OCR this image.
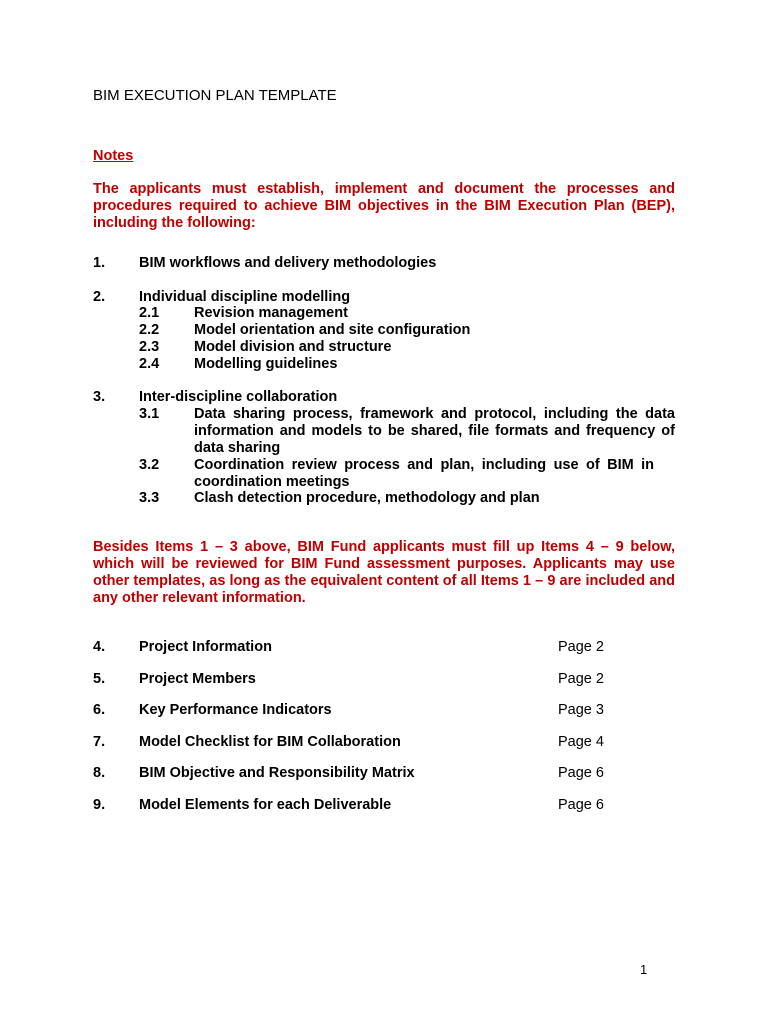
BIM EXECUTION PLAN TEMPLATE
Notes
The applicants must establish, implement and document the processes and procedures required to achieve BIM objectives in the BIM Execution Plan (BEP), including the following:
1. BIM workflows and delivery methodologies
2. Individual discipline modelling
2.1 Revision management
2.2 Model orientation and site configuration
2.3 Model division and structure
2.4 Modelling guidelines
3. Inter-discipline collaboration
3.1 Data sharing process, framework and protocol, including the data information and models to be shared, file formats and frequency of data sharing
3.2 Coordination review process and plan, including use of BIM in coordination meetings
3.3 Clash detection procedure, methodology and plan
Besides Items 1 – 3 above, BIM Fund applicants must fill up Items 4 – 9 below, which will be reviewed for BIM Fund assessment purposes. Applicants may use other templates, as long as the equivalent content of all Items 1 – 9 are included and any other relevant information.
4. Project Information	Page 2
5. Project Members	Page 2
6. Key Performance Indicators	Page 3
7. Model Checklist for BIM Collaboration	Page 4
8. BIM Objective and Responsibility Matrix	Page 6
9. Model Elements for each Deliverable	Page 6
1
